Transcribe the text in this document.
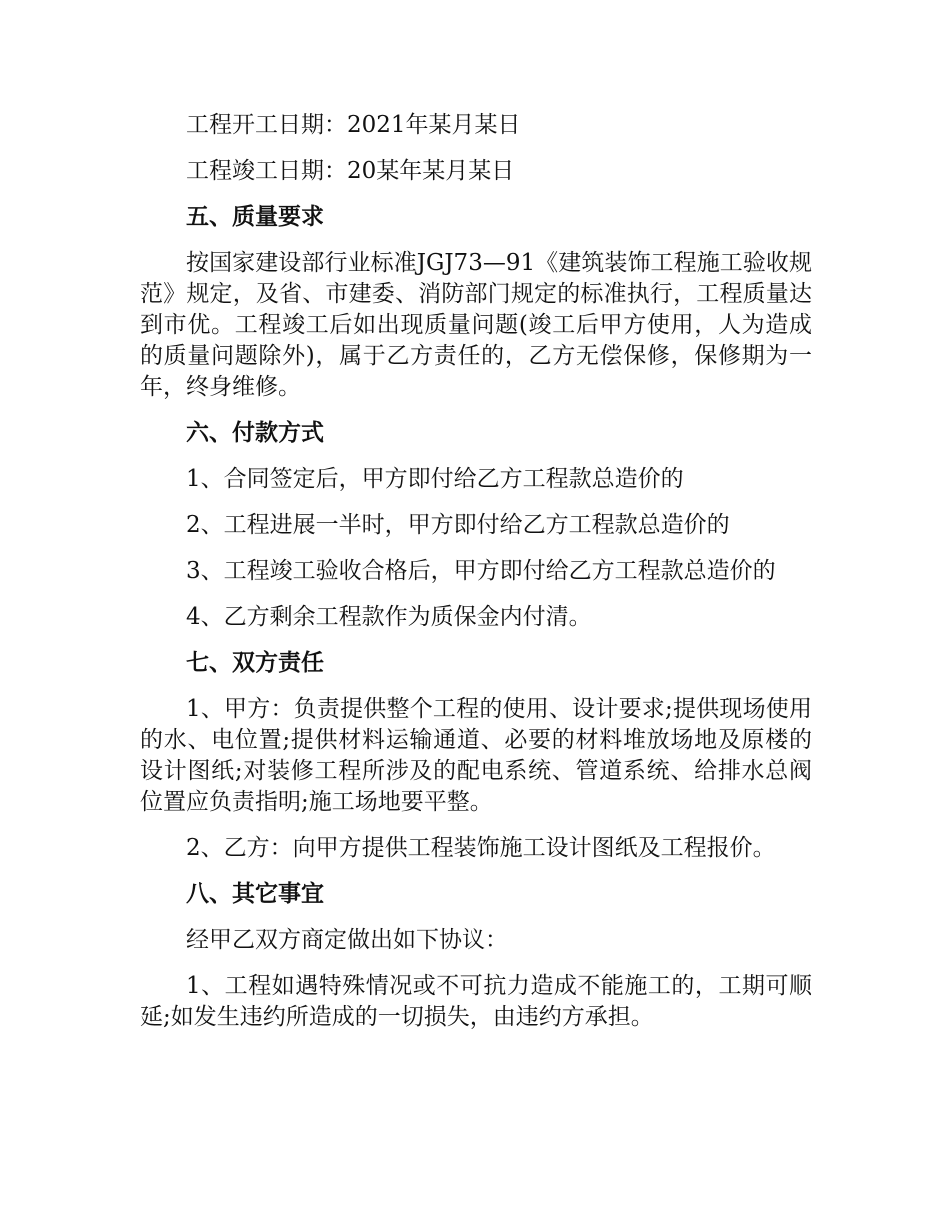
工程开工日期：2021年某月某日

工程竣工日期：20某年某月某日

五、质量要求

按国家建设部行业标准JGJ73—91《建筑装饰工程施工验收规范》规定，及省、市建委、消防部门规定的标准执行，工程质量达到市优。工程竣工后如出现质量问题(竣工后甲方使用，人为造成的质量问题除外)，属于乙方责任的，乙方无偿保修，保修期为一年，终身维修。

六、付款方式

1、合同签定后，甲方即付给乙方工程款总造价的

2、工程进展一半时，甲方即付给乙方工程款总造价的

3、工程竣工验收合格后，甲方即付给乙方工程款总造价的

4、乙方剩余工程款作为质保金内付清。

七、双方责任

1、甲方：负责提供整个工程的使用、设计要求;提供现场使用的水、电位置;提供材料运输通道、必要的材料堆放场地及原楼的设计图纸;对装修工程所涉及的配电系统、管道系统、给排水总阀位置应负责指明;施工场地要平整。

2、乙方：向甲方提供工程装饰施工设计图纸及工程报价。

八、其它事宜

经甲乙双方商定做出如下协议：

1、工程如遇特殊情况或不可抗力造成不能施工的，工期可顺延;如发生违约所造成的一切损失，由违约方承担。
